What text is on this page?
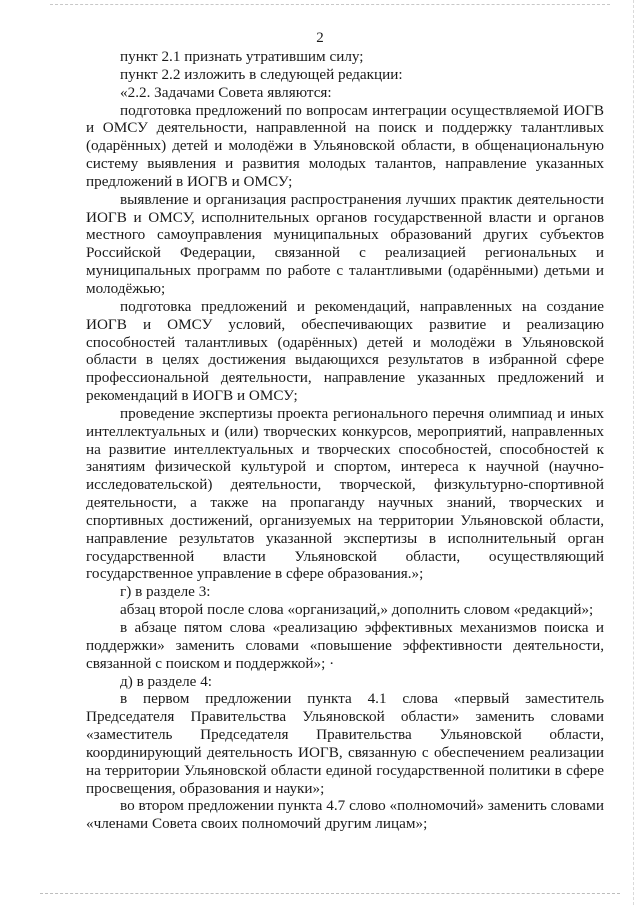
2

пункт 2.1 признать утратившим силу;

пункт 2.2 изложить в следующей редакции:

«2.2. Задачами Совета являются:

подготовка предложений по вопросам интеграции осуществляемой ИОГВ и ОМСУ деятельности, направленной на поиск и поддержку талантливых (одарённых) детей и молодёжи в Ульяновской области, в общенациональную систему выявления и развития молодых талантов, направление указанных предложений в ИОГВ и ОМСУ;

выявление и организация распространения лучших практик деятельности ИОГВ и ОМСУ, исполнительных органов государственной власти и органов местного самоуправления муниципальных образований других субъектов Российской Федерации, связанной с реализацией региональных и муниципальных программ по работе с талантливыми (одарёнными) детьми и молодёжью;

подготовка предложений и рекомендаций, направленных на создание ИОГВ и ОМСУ условий, обеспечивающих развитие и реализацию способностей талантливых (одарённых) детей и молодёжи в Ульяновской области в целях достижения выдающихся результатов в избранной сфере профессиональной деятельности, направление указанных предложений и рекомендаций в ИОГВ и ОМСУ;

проведение экспертизы проекта регионального перечня олимпиад и иных интеллектуальных и (или) творческих конкурсов, мероприятий, направленных на развитие интеллектуальных и творческих способностей, способностей к занятиям физической культурой и спортом, интереса к научной (научно-исследовательской) деятельности, творческой, физкультурно-спортивной деятельности, а также на пропаганду научных знаний, творческих и спортивных достижений, организуемых на территории Ульяновской области, направление результатов указанной экспертизы в исполнительный орган государственной власти Ульяновской области, осуществляющий государственное управление в сфере образования.»;

г) в разделе 3:

абзац второй после слова «организаций,» дополнить словом «редакций»;

в абзаце пятом слова «реализацию эффективных механизмов поиска и поддержки» заменить словами «повышение эффективности деятельности, связанной с поиском и поддержкой»; ·

д) в разделе 4:

в первом предложении пункта 4.1 слова «первый заместитель Председателя Правительства Ульяновской области» заменить словами «заместитель Председателя Правительства Ульяновской области, координирующий деятельность ИОГВ, связанную с обеспечением реализации на территории Ульяновской области единой государственной политики в сфере просвещения, образования и науки»;

во втором предложении пункта 4.7 слово «полномочий» заменить словами «членами Совета своих полномочий другим лицам»;
